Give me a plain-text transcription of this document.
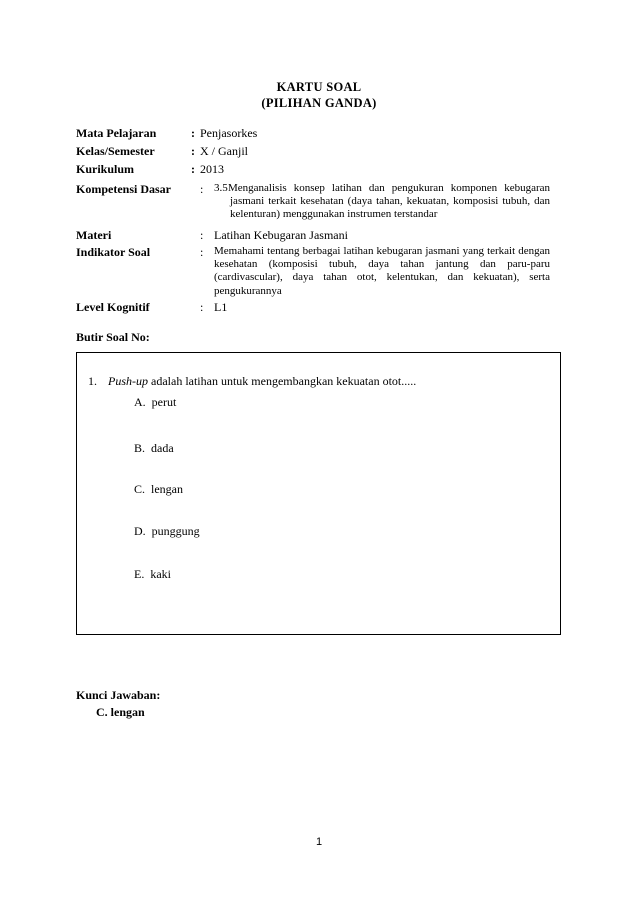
KARTU SOAL
(PILIHAN GANDA)
Mata Pelajaran	: Penjasorkes
Kelas/Semester	: X / Ganjil
Kurikulum	: 2013
Kompetensi Dasar : 3.5 Menganalisis konsep latihan dan pengukuran komponen kebugaran jasmani terkait kesehatan (daya tahan, kekuatan, komposisi tubuh, dan kelenturan) menggunakan instrumen terstandar
Materi	: Latihan Kebugaran Jasmani
Indikator Soal	: Memahami tentang berbagai latihan kebugaran jasmani yang terkait dengan kesehatan (komposisi tubuh, daya tahan jantung dan paru-paru (cardivascular), daya tahan otot, kelentukan, dan kekuatan), serta pengukurannya
Level Kognitif	: L1
Butir Soal No:
1. Push-up adalah latihan untuk mengembangkan kekuatan otot.....
A. perut
B. dada
C. lengan
D. punggung
E. kaki
Kunci Jawaban:
C. lengan
1
